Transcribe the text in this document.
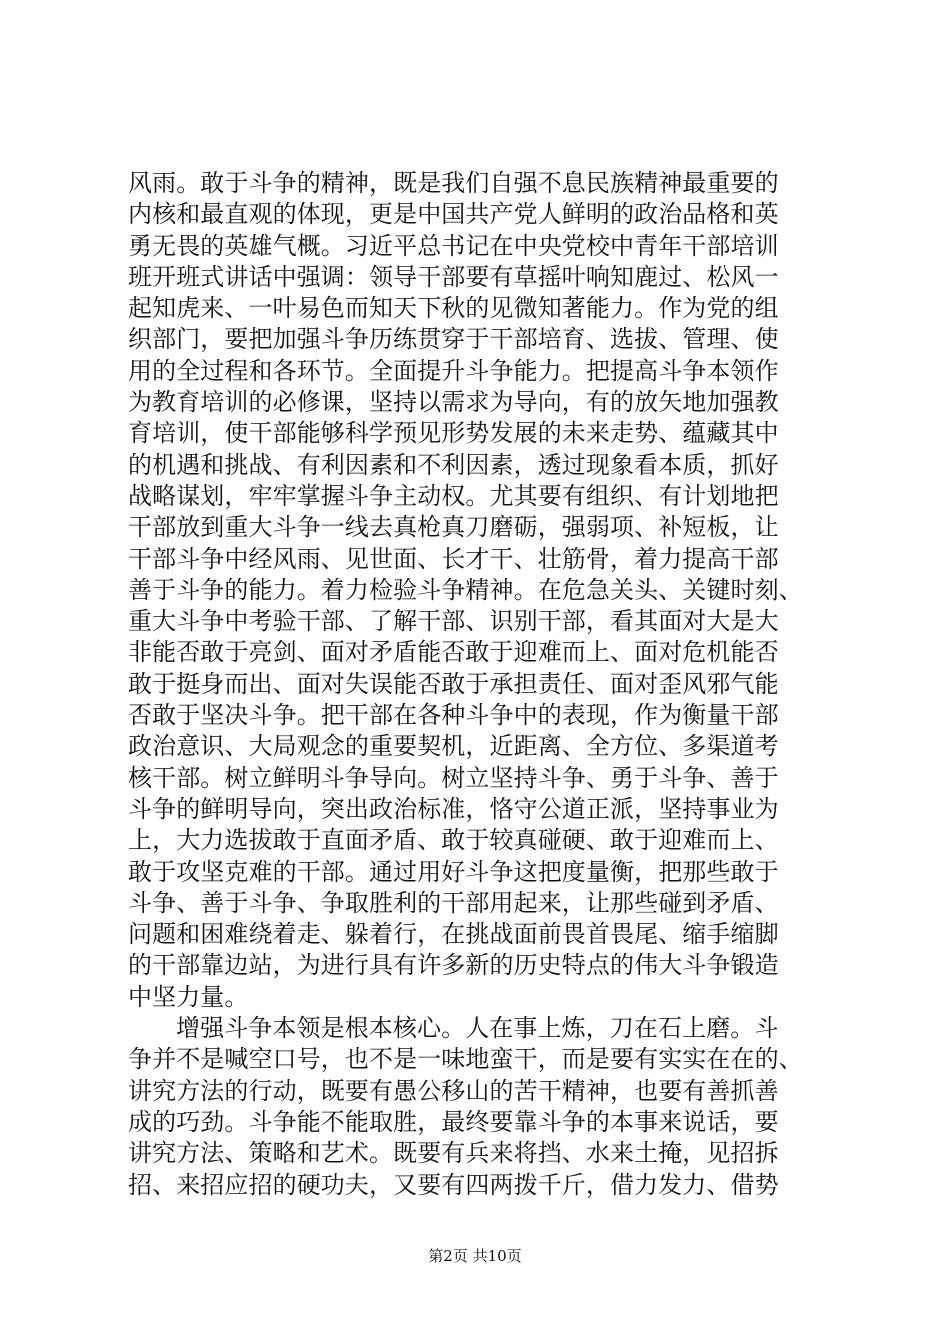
风雨。敢于斗争的精神，既是我们自强不息民族精神最重要的
内核和最直观的体现，更是中国共产党人鲜明的政治品格和英
勇无畏的英雄气概。习近平总书记在中央党校中青年干部培训
班开班式讲话中强调：领导干部要有草摇叶响知鹿过、松风一
起知虎来、一叶易色而知天下秋的见微知著能力。作为党的组
织部门，要把加强斗争历练贯穿于干部培育、选拔、管理、使
用的全过程和各环节。全面提升斗争能力。把提高斗争本领作
为教育培训的必修课，坚持以需求为导向，有的放矢地加强教
育培训，使干部能够科学预见形势发展的未来走势、蕴藏其中
的机遇和挑战、有利因素和不利因素，透过现象看本质，抓好
战略谋划，牢牢掌握斗争主动权。尤其要有组织、有计划地把
干部放到重大斗争一线去真枪真刀磨砺，强弱项、补短板，让
干部斗争中经风雨、见世面、长才干、壮筋骨，着力提高干部
善于斗争的能力。着力检验斗争精神。在危急关头、关键时刻、
重大斗争中考验干部、了解干部、识别干部，看其面对大是大
非能否敢于亮剑、面对矛盾能否敢于迎难而上、面对危机能否
敢于挺身而出、面对失误能否敢于承担责任、面对歪风邪气能
否敢于坚决斗争。把干部在各种斗争中的表现，作为衡量干部
政治意识、大局观念的重要契机，近距离、全方位、多渠道考
核干部。树立鲜明斗争导向。树立坚持斗争、勇于斗争、善于
斗争的鲜明导向，突出政治标准，恪守公道正派，坚持事业为
上，大力选拔敢于直面矛盾、敢于较真碰硬、敢于迎难而上、
敢于攻坚克难的干部。通过用好斗争这把度量衡，把那些敢于
斗争、善于斗争、争取胜利的干部用起来，让那些碰到矛盾、
问题和困难绕着走、躲着行，在挑战面前畏首畏尾、缩手缩脚
的干部靠边站，为进行具有许多新的历史特点的伟大斗争锻造
中坚力量。
增强斗争本领是根本核心。人在事上炼，刀在石上磨。斗
争并不是喊空口号，也不是一味地蛮干，而是要有实实在在的、
讲究方法的行动，既要有愚公移山的苦干精神，也要有善抓善
成的巧劲。斗争能不能取胜，最终要靠斗争的本事来说话，要
讲究方法、策略和艺术。既要有兵来将挡、水来土掩，见招拆
招、来招应招的硬功夫，又要有四两拨千斤，借力发力、借势
第2页 共10页
